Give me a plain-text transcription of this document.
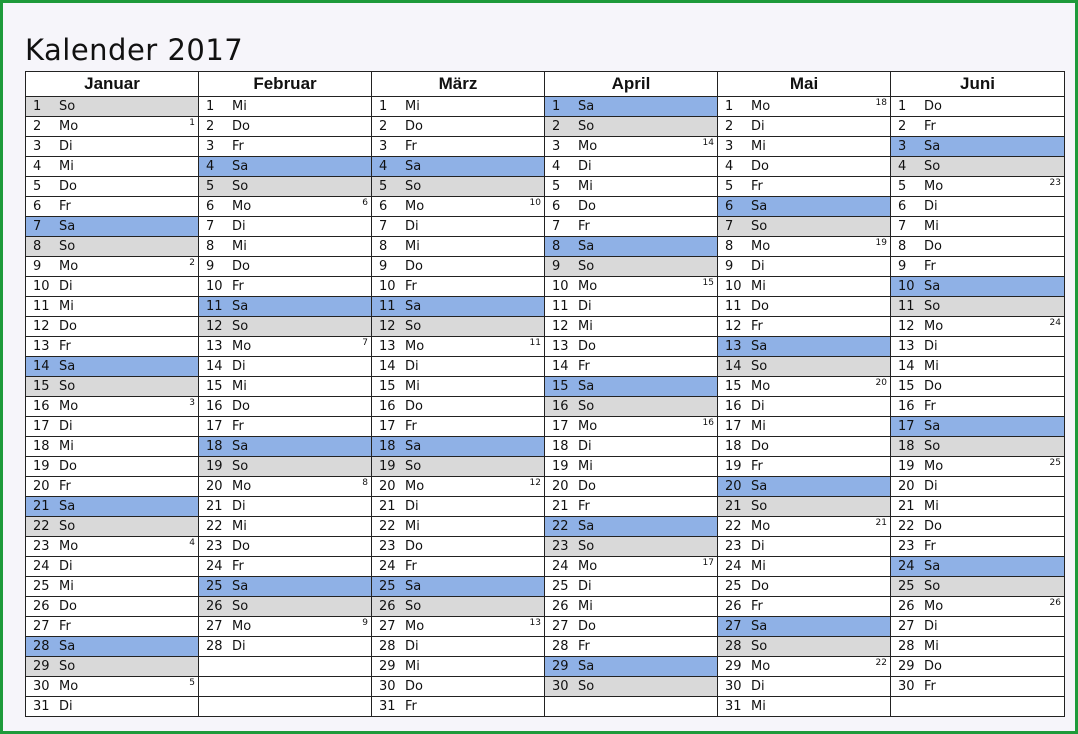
Kalender 2017
Januar	Februar	März	April	Mai	Juni

1 So	1 Mi	1 Mi	1 Sa	1 Mo 18	1 Do

2 Mo 1	2 Do	2 Do	2 So	2 Di	2 Fr

3 Di	3 Fr	3 Fr	3 Mo 14	3 Mi	3 Sa

4 Mi	4 Sa	4 Sa	4 Di	4 Do	4 So

5 Do	5 So	5 So	5 Mi	5 Fr	5 Mo 23

6 Fr	6 Mo 6	6 Mo 10	6 Do	6 Sa	6 Di

7 Sa	7 Di	7 Di	7 Fr	7 So	7 Mi

8 So	8 Mi	8 Mi	8 Sa	8 Mo 19	8 Do

9 Mo 2	9 Do	9 Do	9 So	9 Di	9 Fr

10 Di	10 Fr	10 Fr	10 Mo 15	10 Mi	10 Sa

11 Mi	11 Sa	11 Sa	11 Di	11 Do	11 So

12 Do	12 So	12 So	12 Mi	12 Fr	12 Mo 24

13 Fr	13 Mo 7	13 Mo 11	13 Do	13 Sa	13 Di

14 Sa	14 Di	14 Di	14 Fr	14 So	14 Mi

15 So	15 Mi	15 Mi	15 Sa	15 Mo 20	15 Do

16 Mo 3	16 Do	16 Do	16 So	16 Di	16 Fr

17 Di	17 Fr	17 Fr	17 Mo 16	17 Mi	17 Sa

18 Mi	18 Sa	18 Sa	18 Di	18 Do	18 So

19 Do	19 So	19 So	19 Mi	19 Fr	19 Mo 25

20 Fr	20 Mo 8	20 Mo 12	20 Do	20 Sa	20 Di

21 Sa	21 Di	21 Di	21 Fr	21 So	21 Mi

22 So	22 Mi	22 Mi	22 Sa	22 Mo 21	22 Do

23 Mo 4	23 Do	23 Do	23 So	23 Di	23 Fr

24 Di	24 Fr	24 Fr	24 Mo 17	24 Mi	24 Sa

25 Mi	25 Sa	25 Sa	25 Di	25 Do	25 So

26 Do	26 So	26 So	26 Mi	26 Fr	26 Mo 26

27 Fr	27 Mo 9	27 Mo 13	27 Do	27 Sa	27 Di

28 Sa	28 Di	28 Di	28 Fr	28 So	28 Mi

29 So		29 Mi	29 Sa	29 Mo 22	29 Do

30 Mo 5		30 Do	30 So	30 Di	30 Fr

31 Di		31 Fr		31 Mi	
